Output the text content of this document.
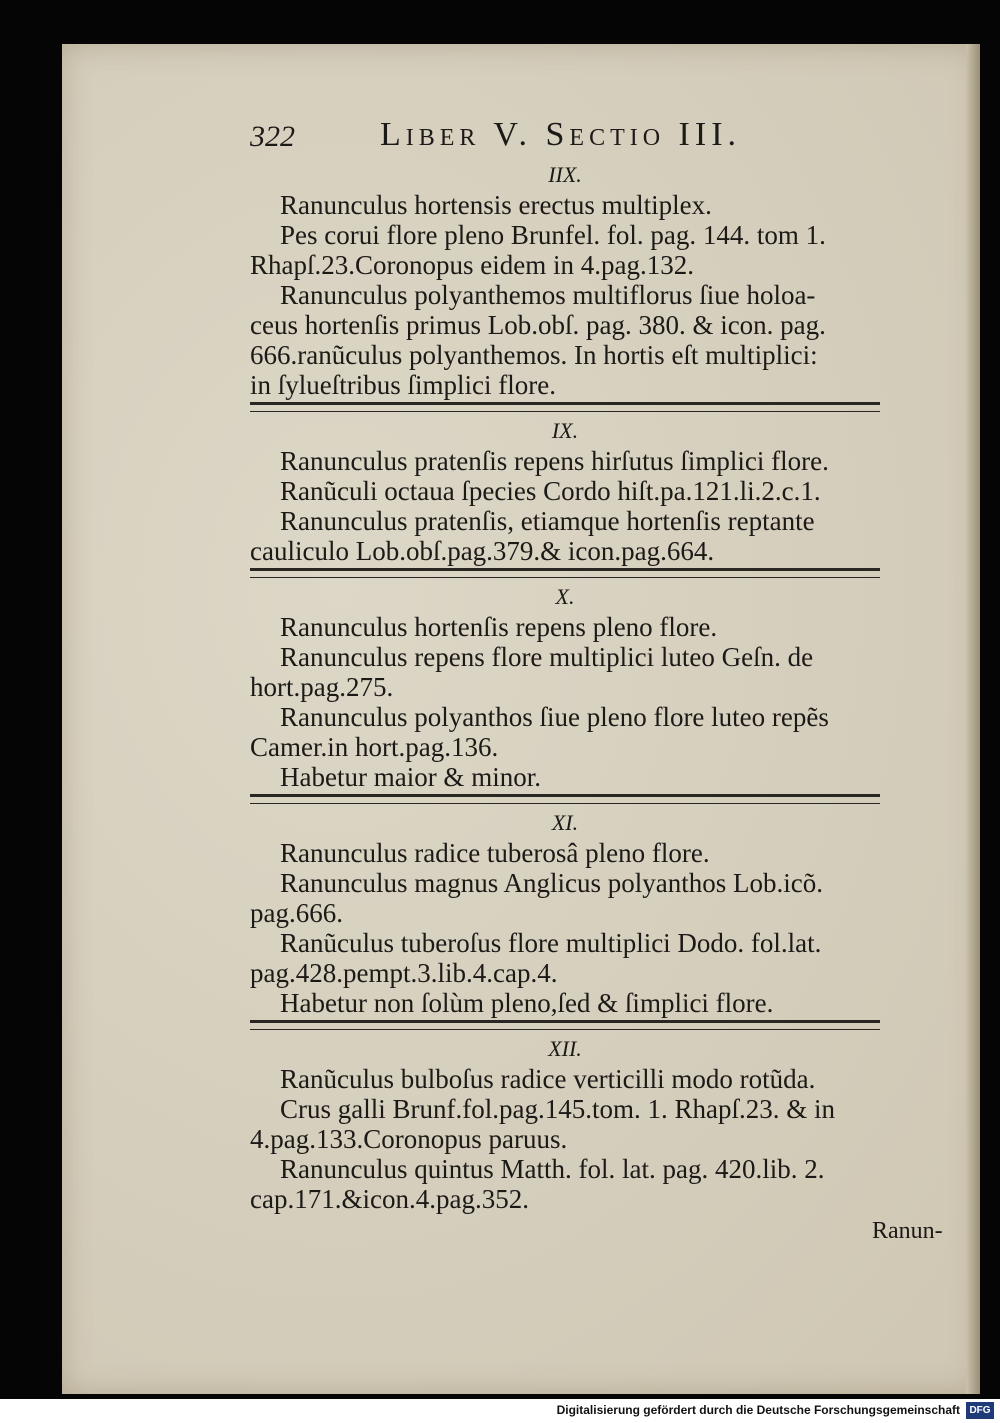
322	Liber V. Sectio III.
IIX.
Ranunculus hortensis erectus multiplex.
Pes corui flore pleno Brunfel. fol. pag. 144. tom 1.
Rhapſ.23.Coronopus eidem in 4.pag.132.
Ranunculus polyanthemos multiflorus ſiue holoa-
ceus hortenſis primus Lob.obſ. pag. 380. & icon. pag.
666.ranũculus polyanthemos. In hortis eſt multiplici:
in ſylueſtribus ſimplici flore.
IX.
Ranunculus pratenſis repens hirſutus ſimplici flore.
Ranũculi octaua ſpecies Cordo hiſt.pa.121.li.2.c.1.
Ranunculus pratenſis, etiamque hortenſis reptante
cauliculo Lob.obſ.pag.379.& icon.pag.664.
X.
Ranunculus hortenſis repens pleno flore.
Ranunculus repens flore multiplici luteo Geſn. de
hort.pag.275.
Ranunculus polyanthos ſiue pleno flore luteo repẽs
Camer.in hort.pag.136.
Habetur maior & minor.
XI.
Ranunculus radice tuberosâ pleno flore.
Ranunculus magnus Anglicus polyanthos Lob.icõ.
pag.666.
Ranũculus tuberoſus flore multiplici Dodo. fol.lat.
pag.428.pempt.3.lib.4.cap.4.
Habetur non ſolùm pleno,ſed & ſimplici flore.
XII.
Ranũculus bulboſus radice verticilli modo rotũda.
Crus galli Brunf.fol.pag.145.tom. 1. Rhapſ.23. & in
4.pag.133.Coronopus paruus.
Ranunculus quintus Matth. fol. lat. pag. 420.lib. 2.
cap.171.&icon.4.pag.352.
Ranun-
Digitalisierung gefördert durch die Deutsche Forschungsgemeinschaft DFG
